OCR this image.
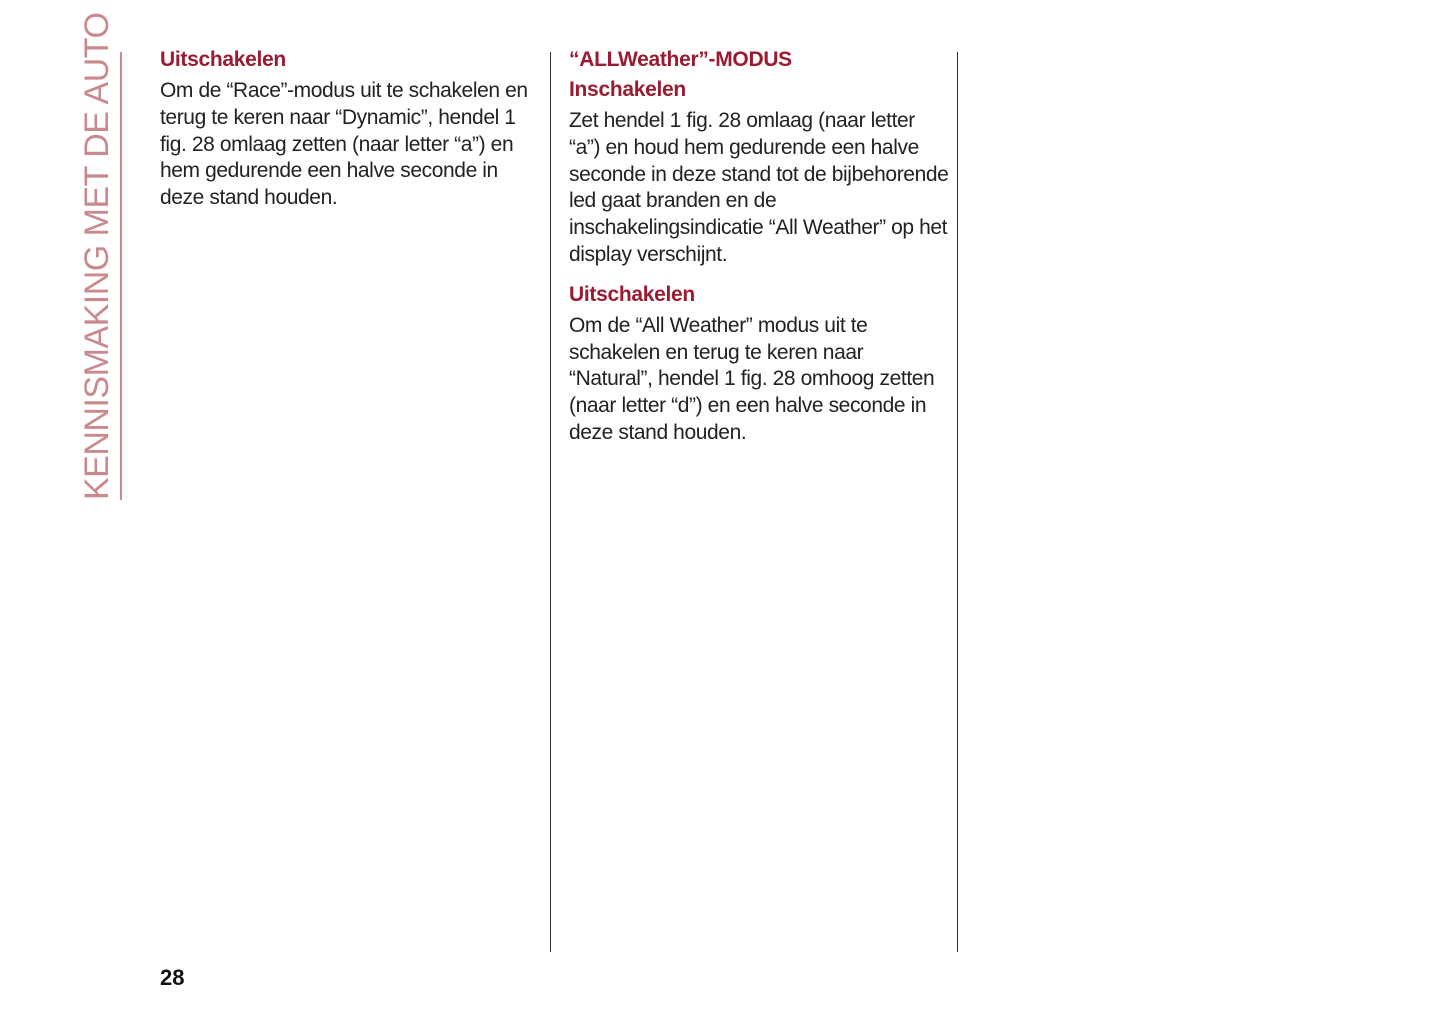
KENNISMAKING MET DE AUTO Uitschakelen

Om de “Race”-modus uit te schakelen en terug te keren naar “Dynamic”, hendel 1 fig. 28 omlaag zetten (naar letter “a”) en hem gedurende een halve seconde in deze stand houden.

“ALLWeather”-MODUS
Inschakelen

Zet hendel 1 fig. 28 omlaag (naar letter “a”) en houd hem gedurende een halve seconde in deze stand tot de bijbehorende led gaat branden en de inschakelingsindicatie “All Weather” op het display verschijnt.

Uitschakelen

Om de “All Weather” modus uit te schakelen en terug te keren naar “Natural”, hendel 1 fig. 28 omhoog zetten (naar letter “d”) en een halve seconde in deze stand houden.

28
